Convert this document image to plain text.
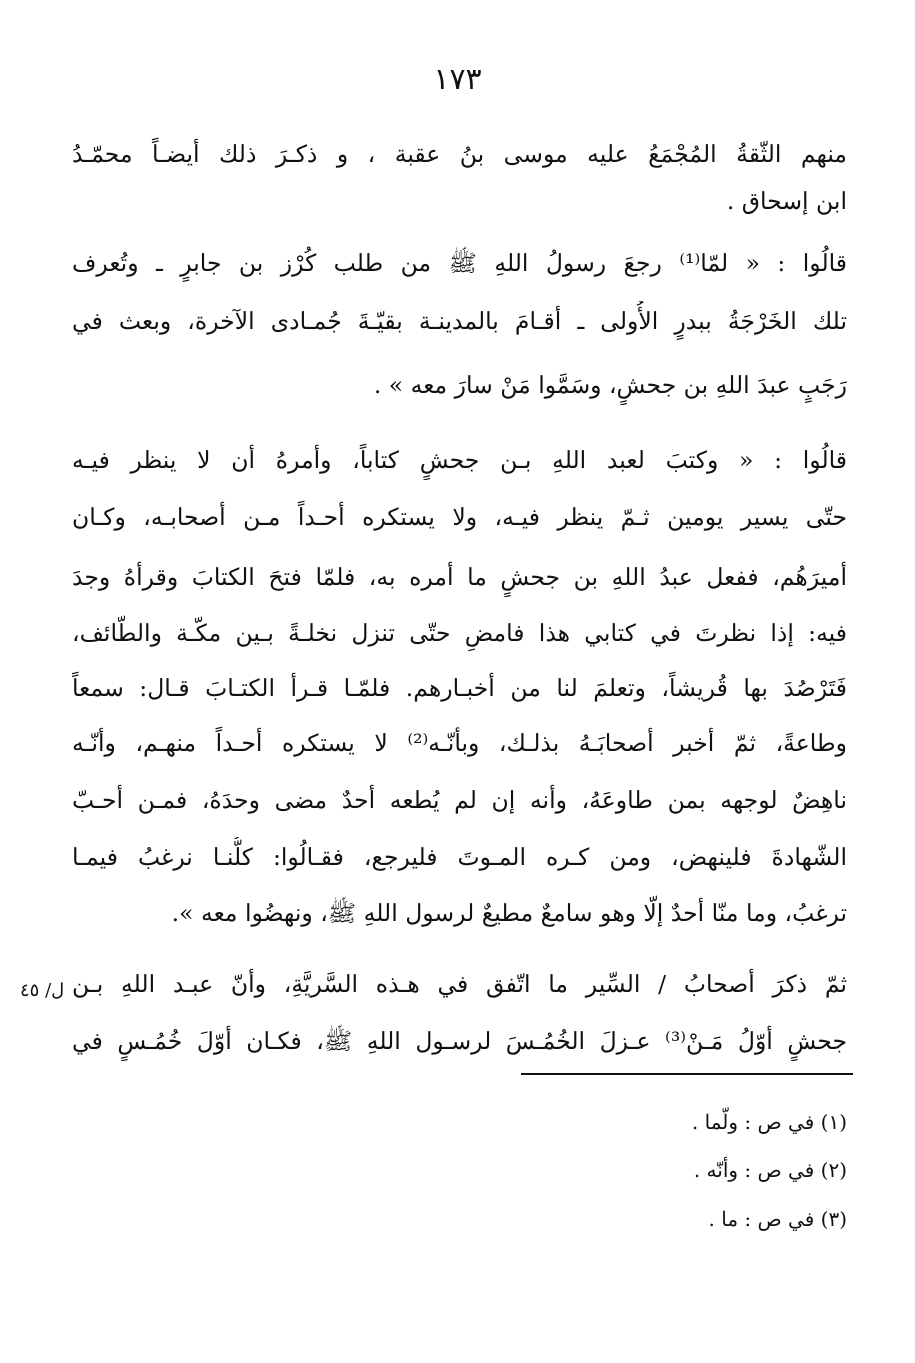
١٧٣
منهم الثّقةُ المُجْمَعُ عليه موسى بنُ عقبة ، و ذكـرَ ذلك أيضـاً محمّـدُ
ابن إسحاق .
قالُوا : « لمّا⁽¹⁾ رجعَ رسولُ اللهِ ﷺ من طلب كُرْز بن جابرٍ ـ وتُعرف
تلك الخَرْجَةُ ببدرٍ الأُولى ـ أقـامَ بالمدينـة بقيّـةَ جُمـادى الآخرة، وبعث في
رَجَبٍ عبدَ اللهِ بن جحشٍ، وسَمَّوا مَنْ سارَ معه » .
قالُوا : « وكتبَ لعبد اللهِ بـن جحشٍ كتاباً، وأمرهُ أن لا ينظر فيـه
حتّى يسير يومين ثـمّ ينظر فيـه، ولا يستكره أحـداً مـن أصحابـه، وكـان
أميرَهُم، ففعل عبدُ اللهِ بن جحشٍ ما أمره به، فلمّا فتحَ الكتابَ وقرأهُ وجدَ
فيه: إذا نظرتَ في كتابي هذا فامضِ حتّى تنزل نخلـةً بـين مكّـة والطّائف،
فَتَرْصُدَ بها قُريشاً، وتعلمَ لنا من أخبـارهم. فلمّـا قـرأ الكتـابَ قـال: سمعاً
وطاعةً، ثمّ أخبر أصحابَـهُ بذلـك، وبأنّـه⁽²⁾ لا يستكره أحـداً منهـم، وأنّـه
ناهِضٌ لوجهه بمن طاوعَهُ، وأنه إن لم يُطعه أحدٌ مضى وحدَهُ، فمـن أحـبّ
الشّهادةَ فلينهض، ومن كـره المـوتَ فليرجع، فقـالُوا: كلُّنـا نرغبُ فيمـا
ترغبُ، وما منّا أحدٌ إلّا وهو سامعٌ مطيعٌ لرسول اللهِ ﷺ، ونهضُوا معه ».
ثمّ ذكرَ أصحابُ / السِّير ما اتّفق في هـذه السَّريَّةِ، وأنّ عبـد اللهِ بـن
جحشٍ أوّلُ مَـنْ⁽³⁾ عـزلَ الخُمُـسَ لرسـول اللهِ ﷺ، فكـان أوّلَ خُمُـسٍ في
ل/ ٤٥
(١) في ص : ولّما .
(٢) في ص : وأنّه .
(٣) في ص : ما .
